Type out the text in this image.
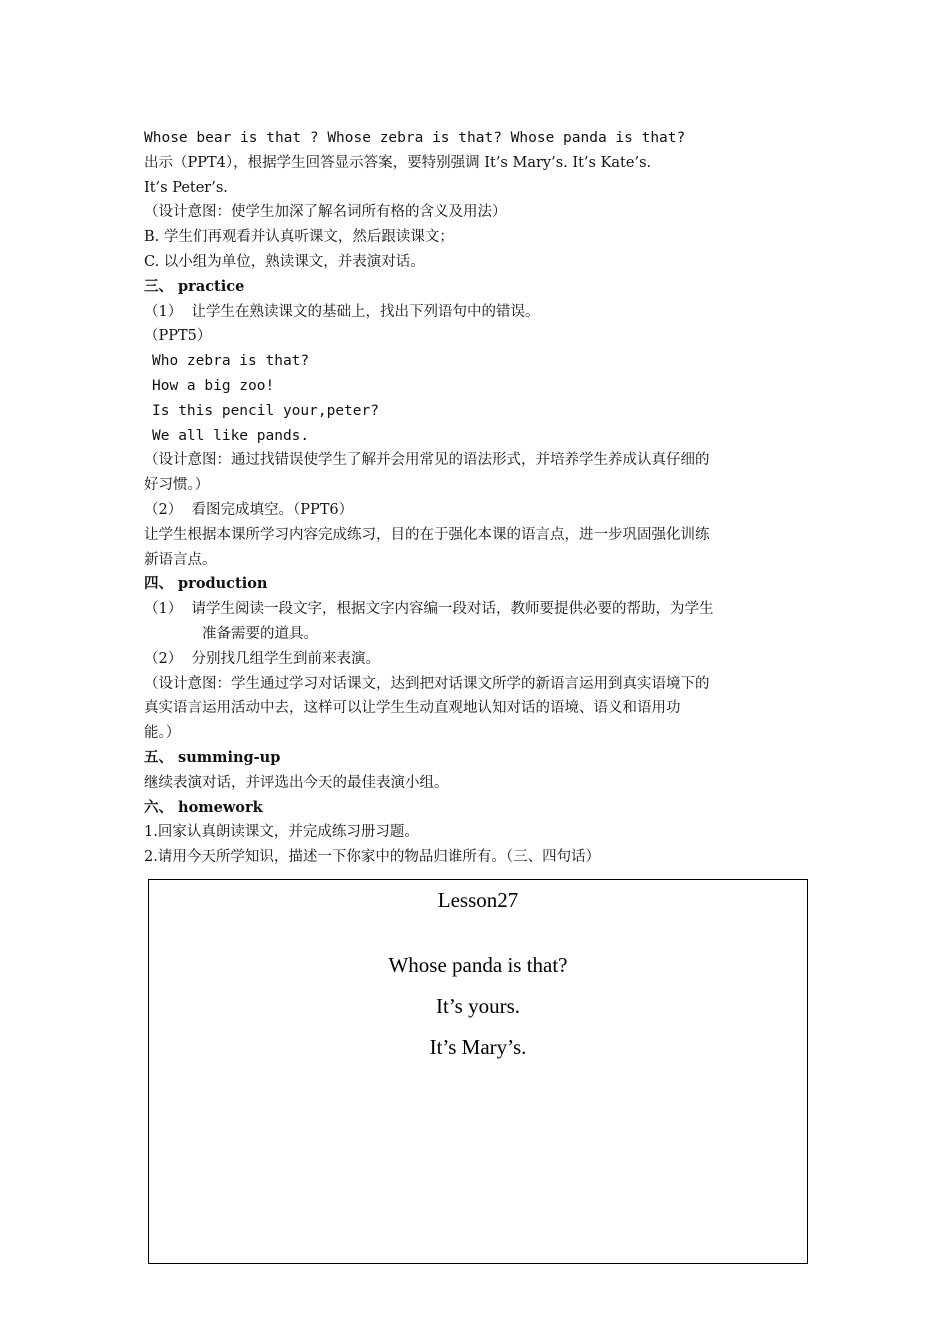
Whose bear is that ? Whose zebra is that? Whose panda is that?
出示（PPT4），根据学生回答显示答案，要特别强调 It’s Mary’s. It’s Kate’s.
It’s Peter’s.
（设计意图：使学生加深了解名词所有格的含义及用法）
B. 学生们再观看并认真听课文，然后跟读课文；
C. 以小组为单位，熟读课文，并表演对话。
三、 practice
（1）  让学生在熟读课文的基础上，找出下列语句中的错误。
（PPT5）
Who zebra is that?
How a big zoo!
Is this pencil your,peter?
We all like pands.
（设计意图：通过找错误使学生了解并会用常见的语法形式，并培养学生养成认真仔细的
好习惯。）
（2）  看图完成填空。（PPT6）
让学生根据本课所学习内容完成练习，目的在于强化本课的语言点，进一步巩固强化训练
新语言点。
四、 production
（1）  请学生阅读一段文字，根据文字内容编一段对话，教师要提供必要的帮助，为学生
准备需要的道具。
（2）  分别找几组学生到前来表演。
（设计意图：学生通过学习对话课文，达到把对话课文所学的新语言运用到真实语境下的
真实语言运用活动中去，这样可以让学生生动直观地认知对话的语境、语义和语用功
能。）
五、 summing-up
继续表演对话，并评选出今天的最佳表演小组。
六、 homework
1.回家认真朗读课文，并完成练习册习题。
2.请用今天所学知识，描述一下你家中的物品归谁所有。（三、四句话）
Lesson27
Whose panda is that?
It’s yours.
It’s Mary’s.
